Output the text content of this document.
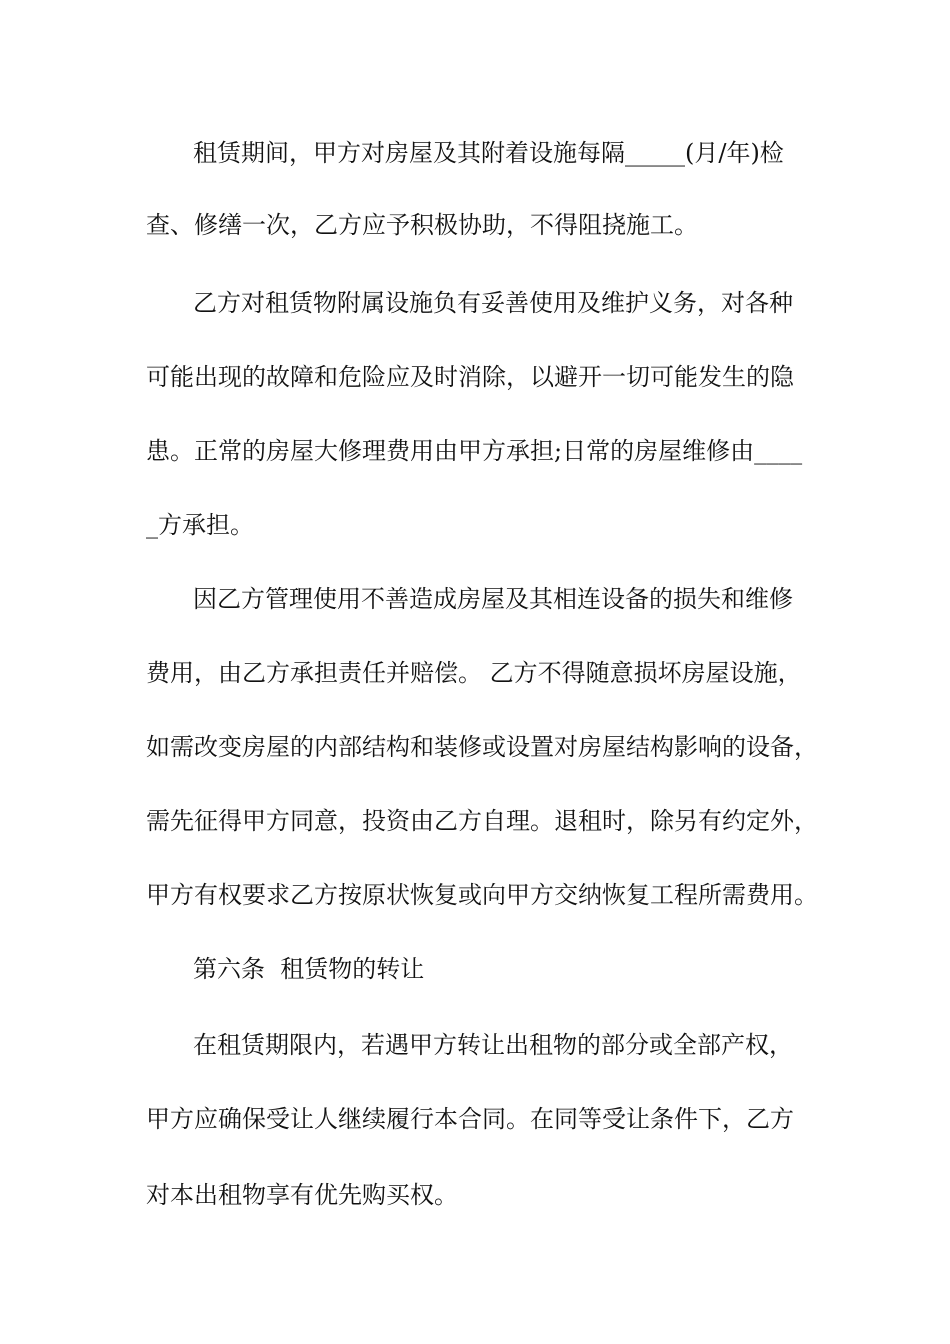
租赁期间，甲方对房屋及其附着设施每隔_____(月/年)检

查、修缮一次，乙方应予积极协助，不得阻挠施工。

乙方对租赁物附属设施负有妥善使用及维护义务，对各种

可能出现的故障和危险应及时消除，以避开一切可能发生的隐

患。正常的房屋大修理费用由甲方承担;日常的房屋维修由____

_方承担。

因乙方管理使用不善造成房屋及其相连设备的损失和维修

费用，由乙方承担责任并赔偿。 乙方不得随意损坏房屋设施，

如需改变房屋的内部结构和装修或设置对房屋结构影响的设备，

需先征得甲方同意，投资由乙方自理。退租时，除另有约定外，

甲方有权要求乙方按原状恢复或向甲方交纳恢复工程所需费用。

第六条  租赁物的转让

在租赁期限内，若遇甲方转让出租物的部分或全部产权，

甲方应确保受让人继续履行本合同。在同等受让条件下，乙方

对本出租物享有优先购买权。
